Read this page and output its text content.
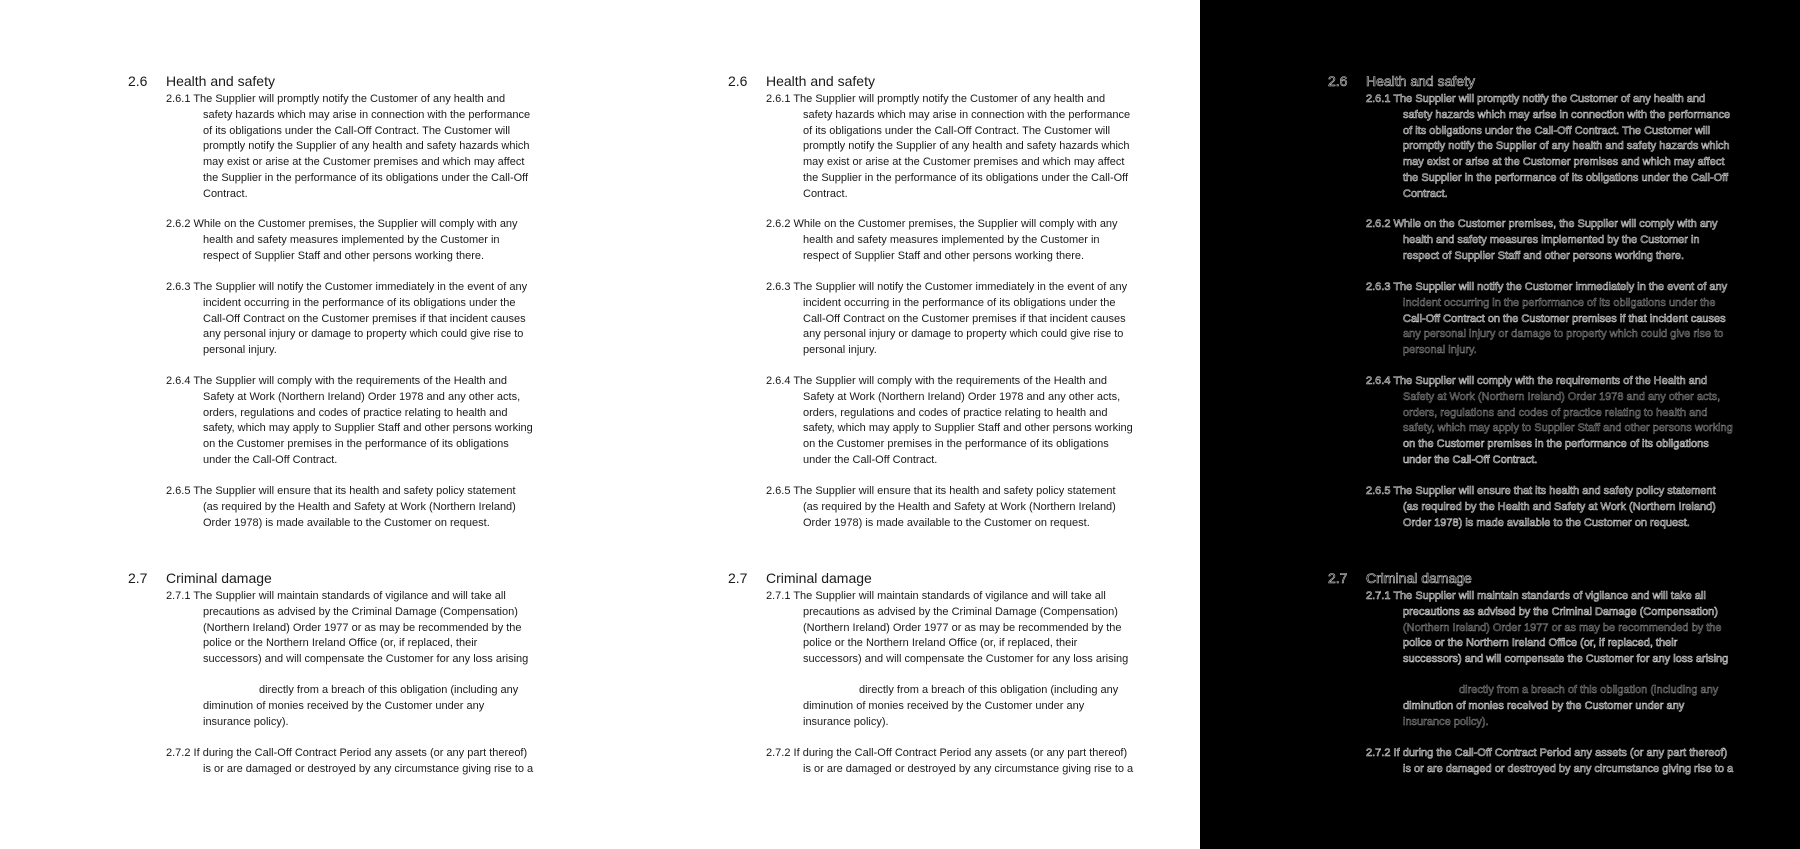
2.6 Health and safety
2.6.1 The Supplier will promptly notify the Customer of any health and
safety hazards which may arise in connection with the performance
of its obligations under the Call-Off Contract. The Customer will
promptly notify the Supplier of any health and safety hazards which
may exist or arise at the Customer premises and which may affect
the Supplier in the performance of its obligations under the Call-Off
Contract.
2.6.2 While on the Customer premises, the Supplier will comply with any
health and safety measures implemented by the Customer in
respect of Supplier Staff and other persons working there.
2.6.3 The Supplier will notify the Customer immediately in the event of any
incident occurring in the performance of its obligations under the
Call-Off Contract on the Customer premises if that incident causes
any personal injury or damage to property which could give rise to
personal injury.
2.6.4 The Supplier will comply with the requirements of the Health and
Safety at Work (Northern Ireland) Order 1978 and any other acts,
orders, regulations and codes of practice relating to health and
safety, which may apply to Supplier Staff and other persons working
on the Customer premises in the performance of its obligations
under the Call-Off Contract.
2.6.5 The Supplier will ensure that its health and safety policy statement
(as required by the Health and Safety at Work (Northern Ireland)
Order 1978) is made available to the Customer on request.
2.7 Criminal damage
2.7.1 The Supplier will maintain standards of vigilance and will take all
precautions as advised by the Criminal Damage (Compensation)
(Northern Ireland) Order 1977 or as may be recommended by the
police or the Northern Ireland Office (or, if replaced, their
successors) and will compensate the Customer for any loss arising
directly from a breach of this obligation (including any
diminution of monies received by the Customer under any
insurance policy).
2.7.2 If during the Call-Off Contract Period any assets (or any part thereof)
is or are damaged or destroyed by any circumstance giving rise to a
2.6 Health and safety
2.6.1 The Supplier will promptly notify the Customer of any health and
safety hazards which may arise in connection with the performance
of its obligations under the Call-Off Contract. The Customer will
promptly notify the Supplier of any health and safety hazards which
may exist or arise at the Customer premises and which may affect
the Supplier in the performance of its obligations under the Call-Off
Contract.
2.6.2 While on the Customer premises, the Supplier will comply with any
health and safety measures implemented by the Customer in
respect of Supplier Staff and other persons working there.
2.6.3 The Supplier will notify the Customer immediately in the event of any
incident occurring in the performance of its obligations under the
Call-Off Contract on the Customer premises if that incident causes
any personal injury or damage to property which could give rise to
personal injury.
2.6.4 The Supplier will comply with the requirements of the Health and
Safety at Work (Northern Ireland) Order 1978 and any other acts,
orders, regulations and codes of practice relating to health and
safety, which may apply to Supplier Staff and other persons working
on the Customer premises in the performance of its obligations
under the Call-Off Contract.
2.6.5 The Supplier will ensure that its health and safety policy statement
(as required by the Health and Safety at Work (Northern Ireland)
Order 1978) is made available to the Customer on request.
2.7 Criminal damage
2.7.1 The Supplier will maintain standards of vigilance and will take all
precautions as advised by the Criminal Damage (Compensation)
(Northern Ireland) Order 1977 or as may be recommended by the
police or the Northern Ireland Office (or, if replaced, their
successors) and will compensate the Customer for any loss arising
directly from a breach of this obligation (including any
diminution of monies received by the Customer under any
insurance policy).
2.7.2 If during the Call-Off Contract Period any assets (or any part thereof)
is or are damaged or destroyed by any circumstance giving rise to a
2.6 Health and safety
2.6.1 The Supplier will promptly notify the Customer of any health and
safety hazards which may arise in connection with the performance
of its obligations under the Call-Off Contract. The Customer will
promptly notify the Supplier of any health and safety hazards which
may exist or arise at the Customer premises and which may affect
the Supplier in the performance of its obligations under the Call-Off
Contract.
2.6.2 While on the Customer premises, the Supplier will comply with any
health and safety measures implemented by the Customer in
respect of Supplier Staff and other persons working there.
2.6.3 The Supplier will notify the Customer immediately in the event of any
incident occurring in the performance of its obligations under the
Call-Off Contract on the Customer premises if that incident causes
any personal injury or damage to property which could give rise to
personal injury.
2.6.4 The Supplier will comply with the requirements of the Health and
Safety at Work (Northern Ireland) Order 1978 and any other acts,
orders, regulations and codes of practice relating to health and
safety, which may apply to Supplier Staff and other persons working
on the Customer premises in the performance of its obligations
under the Call-Off Contract.
2.6.5 The Supplier will ensure that its health and safety policy statement
(as required by the Health and Safety at Work (Northern Ireland)
Order 1978) is made available to the Customer on request.
2.7 Criminal damage
2.7.1 The Supplier will maintain standards of vigilance and will take all
precautions as advised by the Criminal Damage (Compensation)
(Northern Ireland) Order 1977 or as may be recommended by the
police or the Northern Ireland Office (or, if replaced, their
successors) and will compensate the Customer for any loss arising
directly from a breach of this obligation (including any
diminution of monies received by the Customer under any
insurance policy).
2.7.2 If during the Call-Off Contract Period any assets (or any part thereof)
is or are damaged or destroyed by any circumstance giving rise to a
